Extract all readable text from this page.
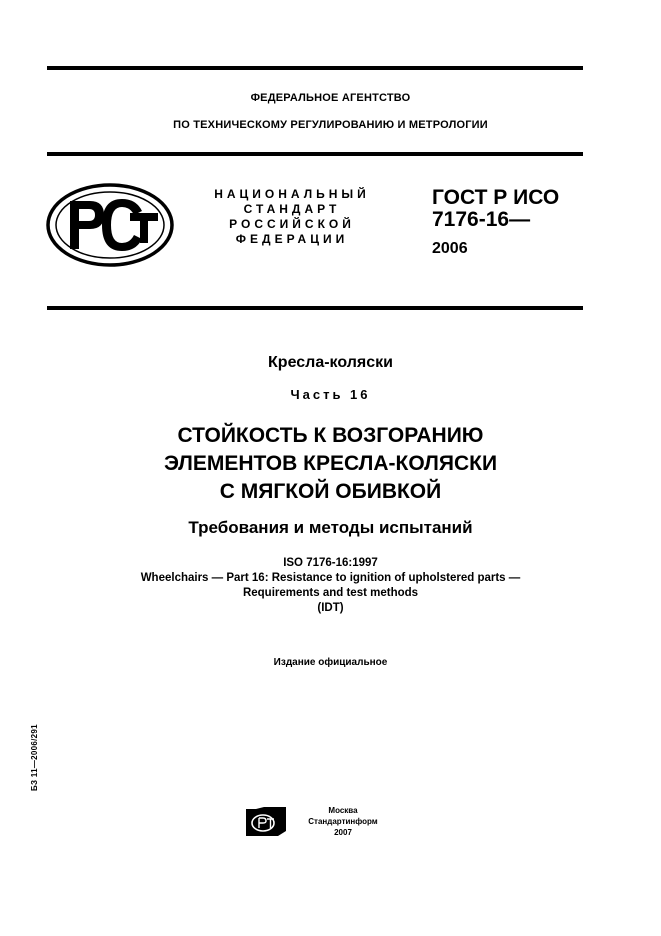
ФЕДЕРАЛЬНОЕ АГЕНТСТВО
ПО ТЕХНИЧЕСКОМУ РЕГУЛИРОВАНИЮ И МЕТРОЛОГИИ
НАЦИОНАЛЬНЫЙ
СТАНДАРТ
РОССИЙСКОЙ
ФЕДЕРАЦИИ
ГОСТ Р ИСО
7176-16—
2006
Кресла-коляски
Часть 16
СТОЙКОСТЬ К ВОЗГОРАНИЮ
ЭЛЕМЕНТОВ КРЕСЛА-КОЛЯСКИ
С МЯГКОЙ ОБИВКОЙ
Требования и методы испытаний
ISO 7176-16:1997
Wheelchairs — Part 16: Resistance to ignition of upholstered parts —
Requirements and test methods
(IDT)
Издание официальное
БЗ 11—2006/291
Москва
Стандартинформ
2007
